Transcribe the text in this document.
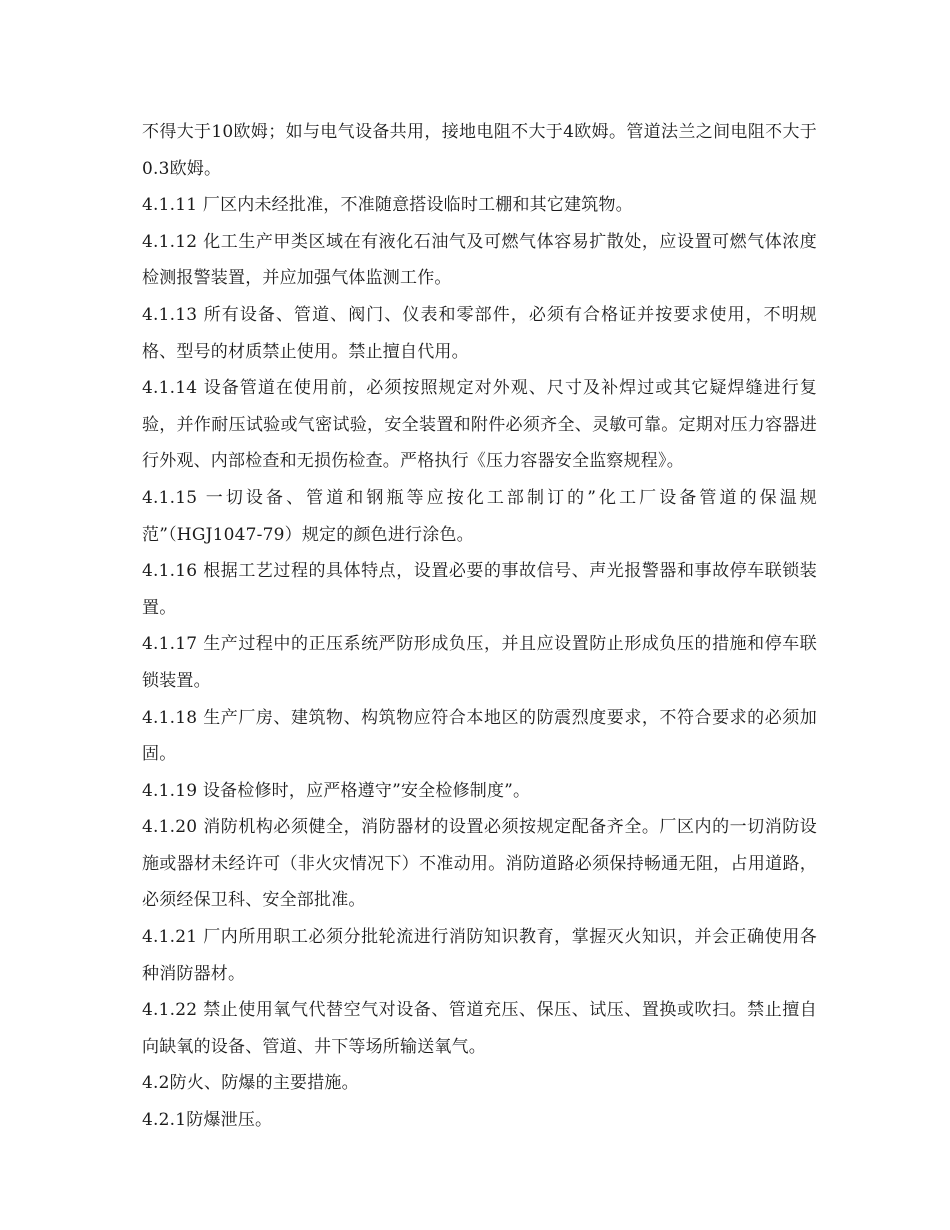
不得大于10欧姆；如与电气设备共用，接地电阻不大于4欧姆。管道法兰之间电阻不大于0.3欧姆。

4.1.11 厂区内未经批准，不准随意搭设临时工棚和其它建筑物。

4.1.12 化工生产甲类区域在有液化石油气及可燃气体容易扩散处，应设置可燃气体浓度检测报警装置，并应加强气体监测工作。

4.1.13 所有设备、管道、阀门、仪表和零部件，必须有合格证并按要求使用，不明规格、型号的材质禁止使用。禁止擅自代用。

4.1.14 设备管道在使用前，必须按照规定对外观、尺寸及补焊过或其它疑焊缝进行复验，并作耐压试验或气密试验，安全装置和附件必须齐全、灵敏可靠。定期对压力容器进行外观、内部检查和无损伤检查。严格执行《压力容器安全监察规程》。

4.1.15 一切设备、管道和钢瓶等应按化工部制订的”化工厂设备管道的保温规范”（HGJ1047-79）规定的颜色进行涂色。

4.1.16 根据工艺过程的具体特点，设置必要的事故信号、声光报警器和事故停车联锁装置。

4.1.17 生产过程中的正压系统严防形成负压，并且应设置防止形成负压的措施和停车联锁装置。

4.1.18 生产厂房、建筑物、构筑物应符合本地区的防震烈度要求，不符合要求的必须加固。

4.1.19 设备检修时，应严格遵守”安全检修制度”。

4.1.20 消防机构必须健全，消防器材的设置必须按规定配备齐全。厂区内的一切消防设施或器材未经许可（非火灾情况下）不准动用。消防道路必须保持畅通无阻，占用道路，必须经保卫科、安全部批准。

4.1.21 厂内所用职工必须分批轮流进行消防知识教育，掌握灭火知识，并会正确使用各种消防器材。

4.1.22 禁止使用氧气代替空气对设备、管道充压、保压、试压、置换或吹扫。禁止擅自向缺氧的设备、管道、井下等场所输送氧气。

4.2防火、防爆的主要措施。

4.2.1防爆泄压。
